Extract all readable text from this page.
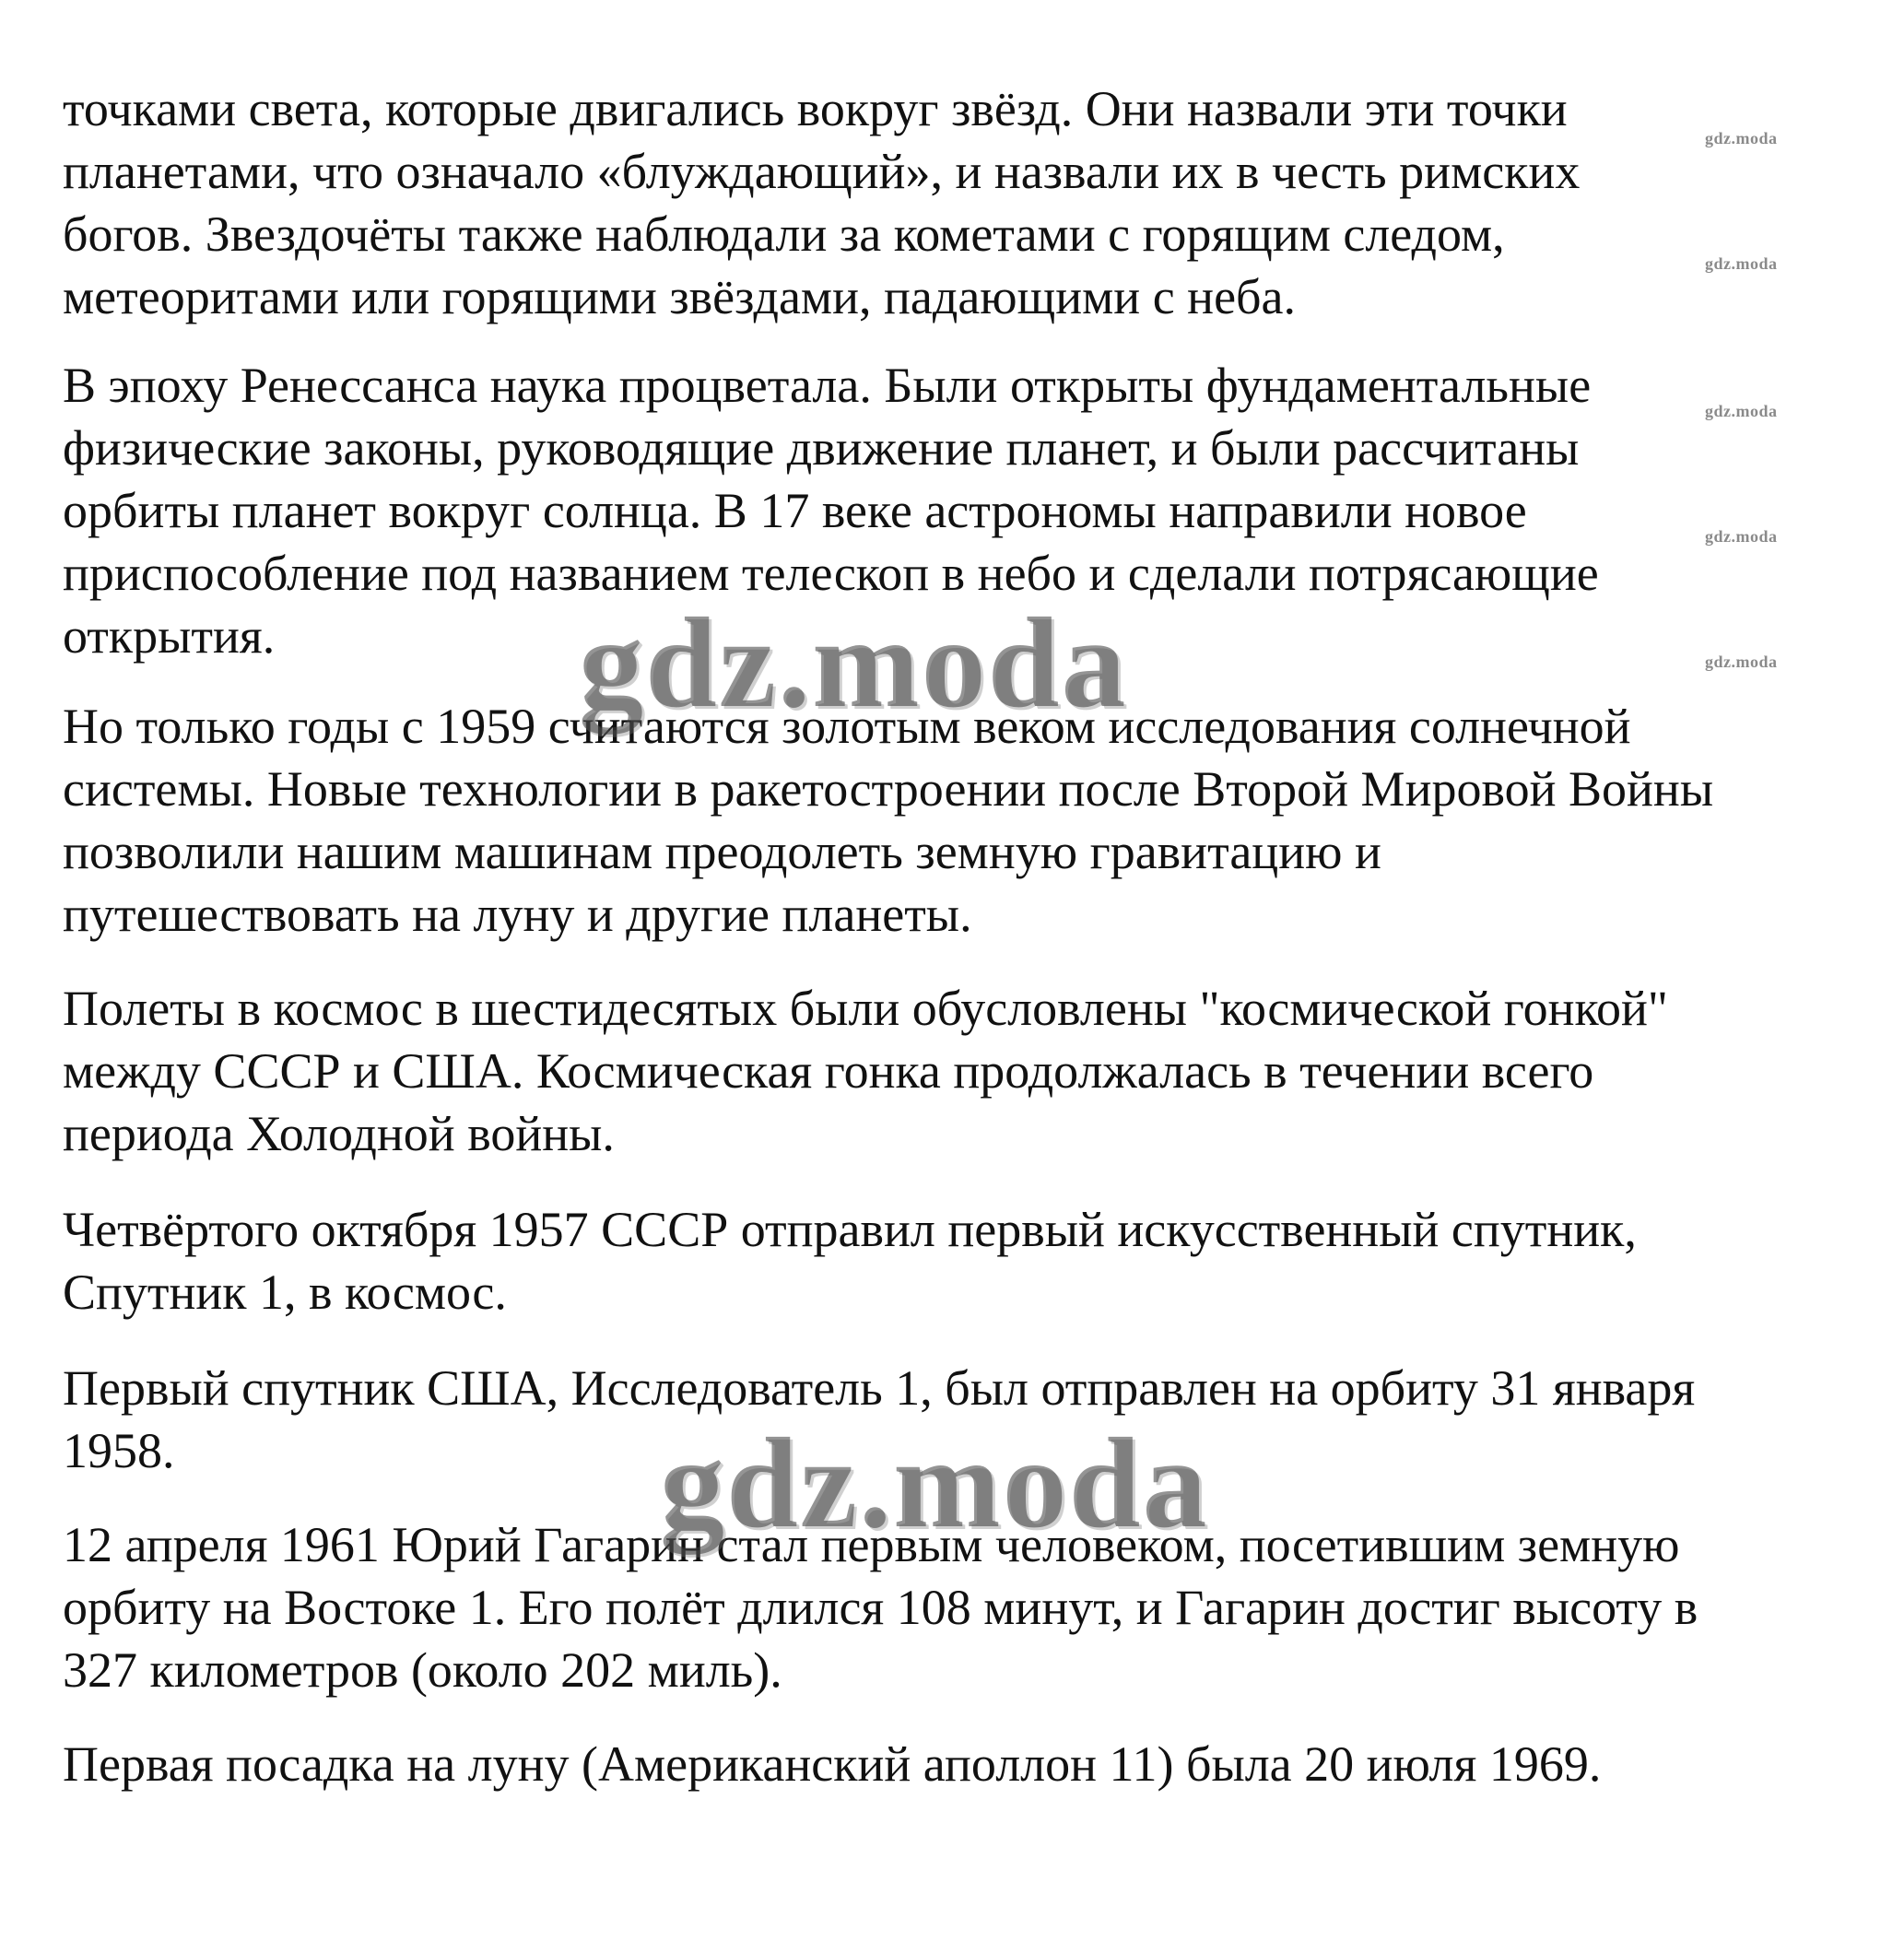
точками света, которые двигались вокруг звёзд. Они назвали эти точки
планетами, что означало «блуждающий», и назвали их в честь римских
богов. Звездочёты также наблюдали за кометами с горящим следом,
метеоритами или горящими звёздами, падающими с неба.
В эпоху Ренессанса наука процветала. Были открыты фундаментальные
физические законы, руководящие движение планет, и были рассчитаны
орбиты планет вокруг солнца. В 17 веке астрономы направили новое
приспособление под названием телескоп в небо и сделали потрясающие
открытия.
Но только годы с 1959 считаются золотым веком исследования солнечной
системы. Новые технологии в ракетостроении после Второй Мировой Войны
позволили нашим машинам преодолеть земную гравитацию и
путешествовать на луну и другие планеты.
Полеты в космос в шестидесятых были обусловлены "космической гонкой"
между СССР и США. Космическая гонка продолжалась в течении всего
периода Холодной войны.
Четвёртого октября 1957 СССР отправил первый искусственный спутник,
Спутник 1, в космос.
Первый спутник США, Исследователь 1, был отправлен на орбиту 31 января
1958.
12 апреля 1961 Юрий Гагарин стал первым человеком, посетившим земную
орбиту на Востоке 1. Его полёт длился 108 минут, и Гагарин достиг высоту в
327 километров (около 202 миль).
Первая посадка на луну (Американский аполлон 11) была 20 июля 1969.
gdz.moda
gdz.moda
gdz.moda
gdz.moda
gdz.moda
gdz.moda
gdz.moda
